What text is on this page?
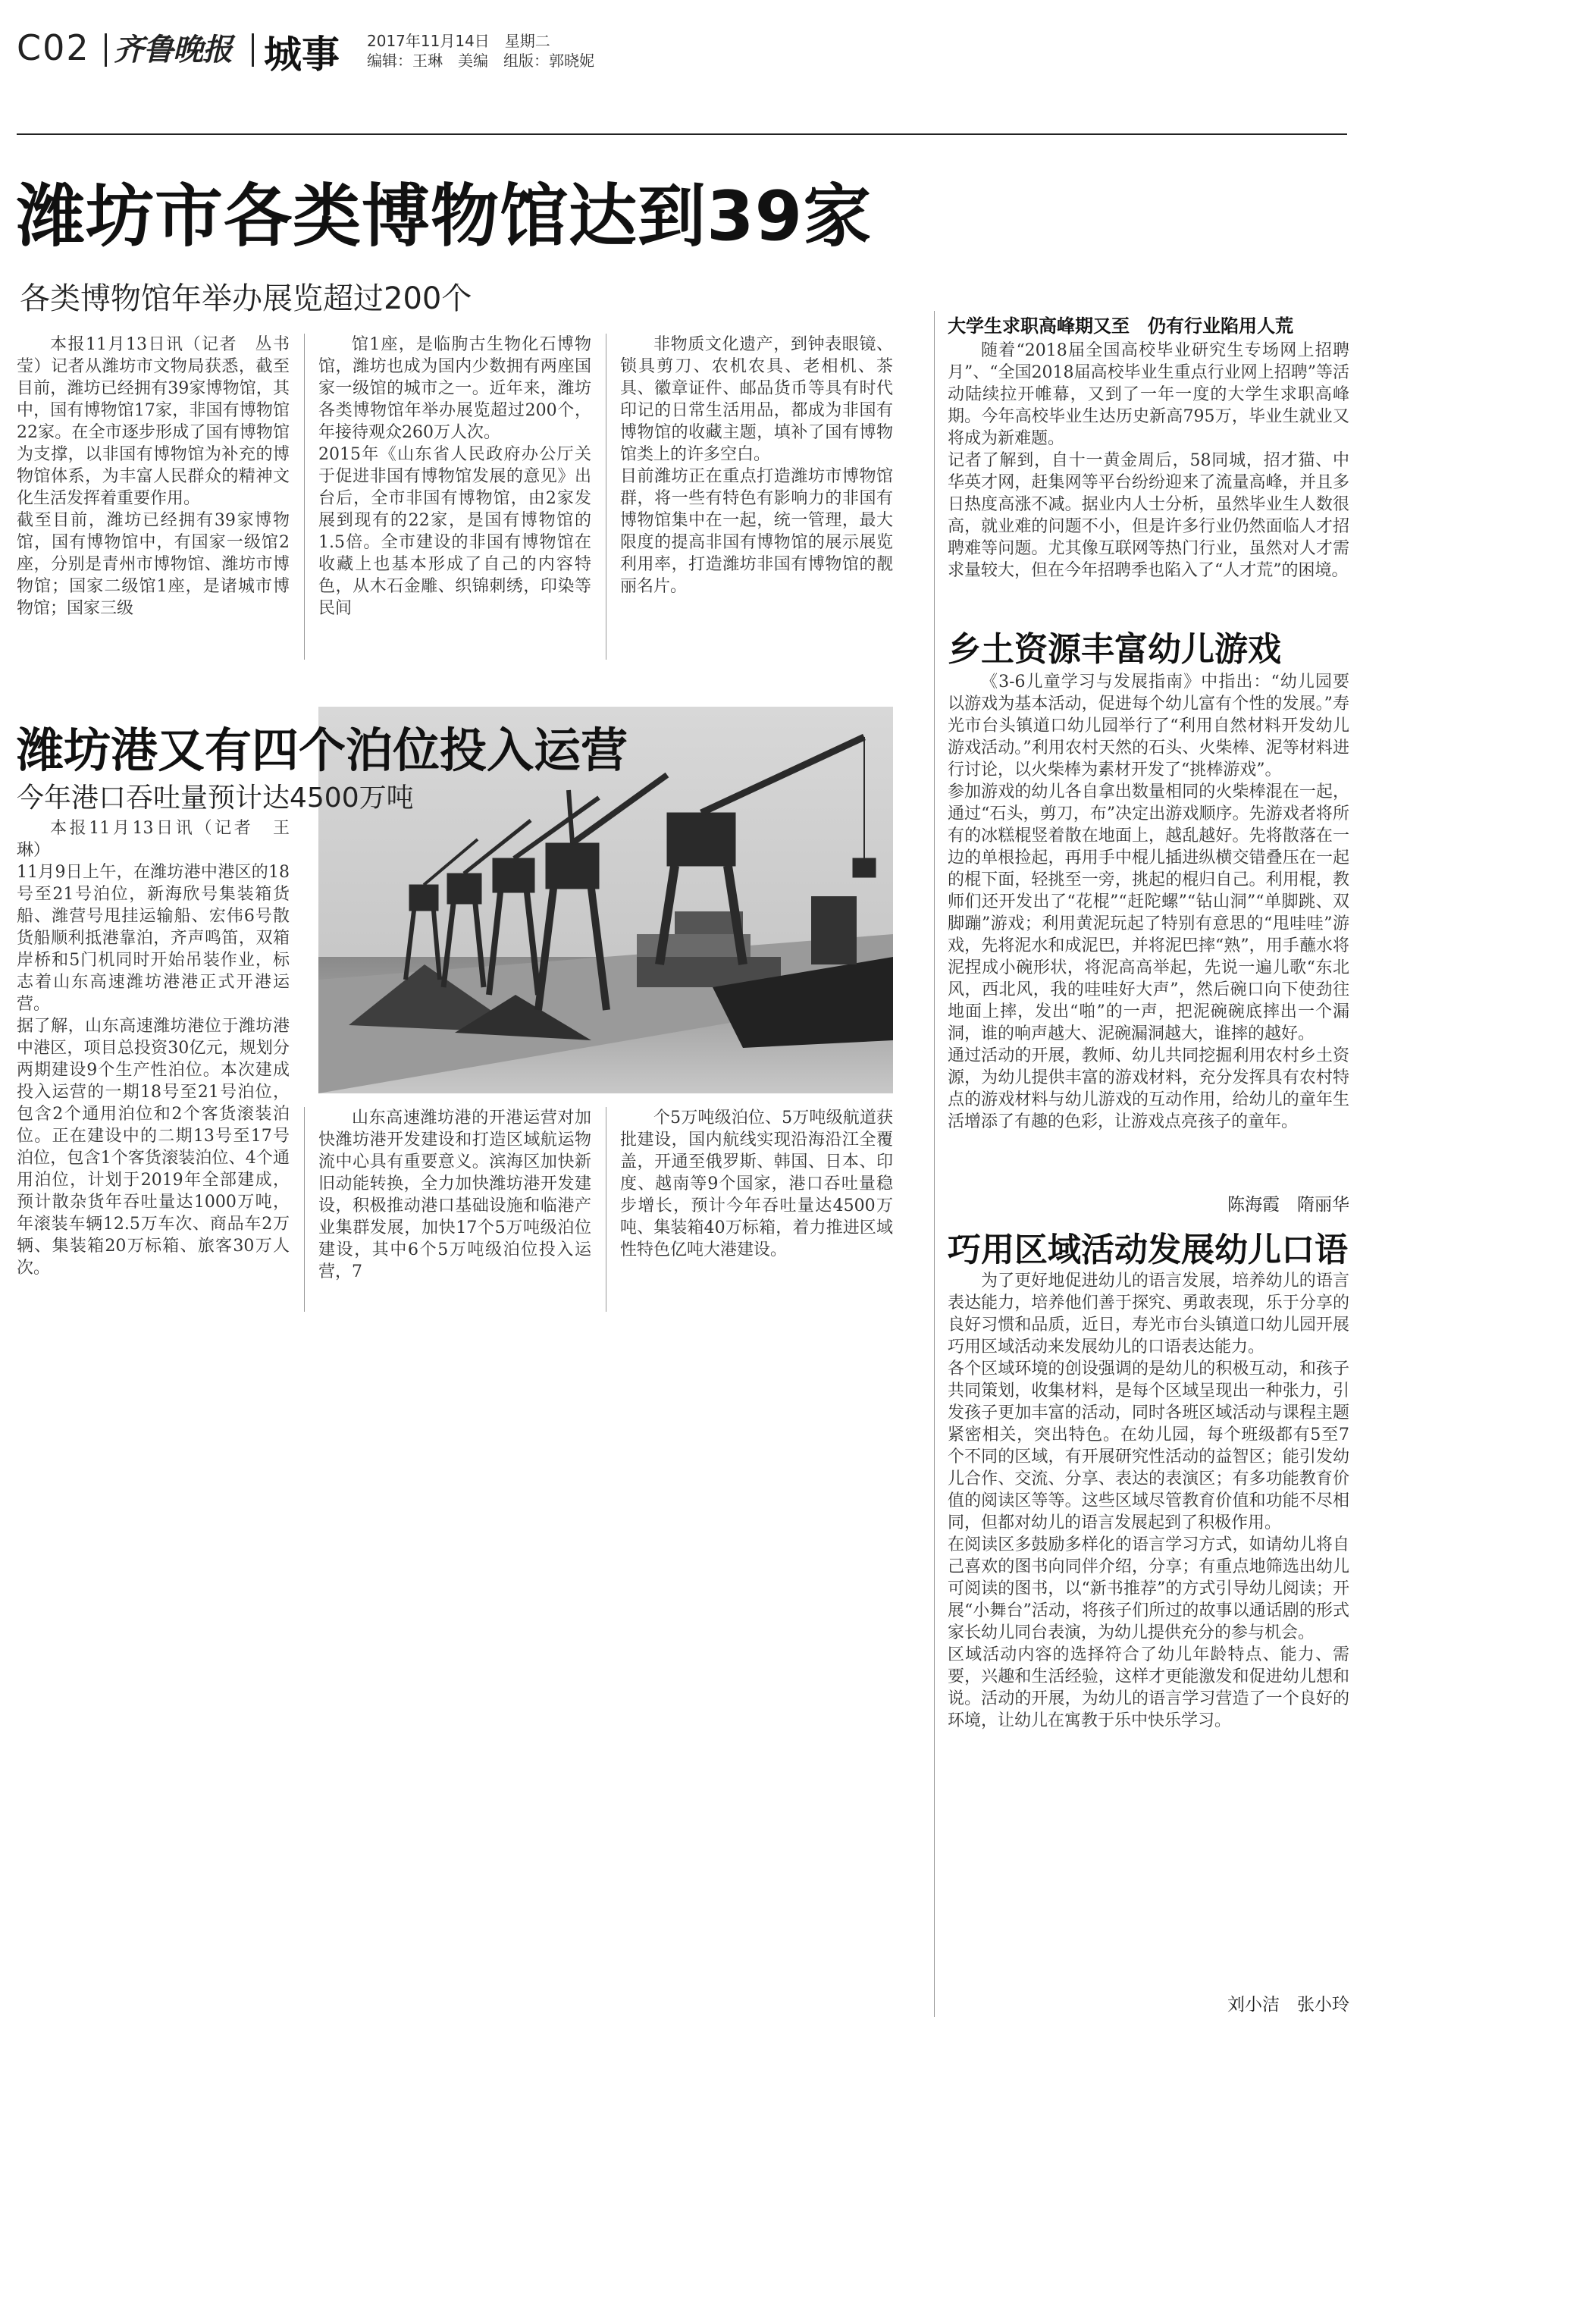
C02 齐鲁晚报 城事 2017年11月14日　星期二
编辑：王琳　美编　组版：郭晓妮
潍坊市各类博物馆达到39家
各类博物馆年举办展览超过200个

本报11月13日讯（记者　丛书莹）记者从潍坊市文物局获悉，截至目前，潍坊已经拥有39家博物馆，其中，国有博物馆17家，非国有博物馆22家。在全市逐步形成了国有博物馆为支撑，以非国有博物馆为补充的博物馆体系，为丰富人民群众的精神文化生活发挥着重要作用。
截至目前，潍坊已经拥有39家博物馆，国有博物馆中，有国家一级馆2座，分别是青州市博物馆、潍坊市博物馆；国家二级馆1座，是诸城市博物馆；国家三级

馆1座，是临朐古生物化石博物馆，潍坊也成为国内少数拥有两座国家一级馆的城市之一。近年来，潍坊各类博物馆年举办展览超过200个，年接待观众260万人次。
2015年《山东省人民政府办公厅关于促进非国有博物馆发展的意见》出台后，全市非国有博物馆，由2家发展到现有的22家，是国有博物馆的1.5倍。全市建设的非国有博物馆在收藏上也基本形成了自己的内容特色，从木石金雕、织锦刺绣，印染等民间

非物质文化遗产，到钟表眼镜、锁具剪刀、农机农具、老相机、茶具、徽章证件、邮品货币等具有时代印记的日常生活用品，都成为非国有博物馆的收藏主题，填补了国有博物馆类上的许多空白。
目前潍坊正在重点打造潍坊市博物馆群，将一些有特色有影响力的非国有博物馆集中在一起，统一管理，最大限度的提高非国有博物馆的展示展览利用率，打造潍坊非国有博物馆的靓丽名片。

潍坊港又有四个泊位投入运营
今年港口吞吐量预计达4500万吨

本报11月13日讯（记者　王琳）
11月9日上午，在潍坊港中港区的18号至21号泊位，新海欣号集装箱货船、潍营号甩挂运输船、宏伟6号散货船顺利抵港靠泊，齐声鸣笛，双箱岸桥和5门机同时开始吊装作业，标志着山东高速潍坊港港正式开港运营。
据了解，山东高速潍坊港位于潍坊港中港区，项目总投资30亿元，规划分两期建设9个生产性泊位。本次建成投入运营的一期18号至21号泊位，包含2个通用泊位和2个客货滚装泊位。正在建设中的二期13号至17号泊位，包含1个客货滚装泊位、4个通用泊位，计划于2019年全部建成，预计散杂货年吞吐量达1000万吨，年滚装车辆12.5万车次、商品车2万辆、集装箱20万标箱、旅客30万人次。

山东高速潍坊港的开港运营对加快潍坊港开发建设和打造区域航运物流中心具有重要意义。滨海区加快新旧动能转换，全力加快潍坊港开发建设，积极推动港口基础设施和临港产业集群发展，加快17个5万吨级泊位建设，其中6个5万吨级泊位投入运营，7

个5万吨级泊位、5万吨级航道获批建设，国内航线实现沿海沿江全覆盖，开通至俄罗斯、韩国、日本、印度、越南等9个国家，港口吞吐量稳步增长，预计今年吞吐量达4500万吨、集装箱40万标箱，着力推进区域性特色亿吨大港建设。

大学生求职高峰期又至　仍有行业陷用人荒

随着“2018届全国高校毕业研究生专场网上招聘月”、“全国2018届高校毕业生重点行业网上招聘”等活动陆续拉开帷幕，又到了一年一度的大学生求职高峰期。今年高校毕业生达历史新高795万，毕业生就业又将成为新难题。
记者了解到，自十一黄金周后，58同城，招才猫、中华英才网，赶集网等平台纷纷迎来了流量高峰，并且多日热度高涨不减。据业内人士分析，虽然毕业生人数很高，就业难的问题不小，但是许多行业仍然面临人才招聘难等问题。尤其像互联网等热门行业，虽然对人才需求量较大，但在今年招聘季也陷入了“人才荒”的困境。

乡土资源丰富幼儿游戏

《3-6儿童学习与发展指南》中指出：“幼儿园要以游戏为基本活动，促进每个幼儿富有个性的发展。”寿光市台头镇道口幼儿园举行了“利用自然材料开发幼儿游戏活动。”利用农村天然的石头、火柴棒、泥等材料进行讨论，以火柴棒为素材开发了“挑棒游戏”。
参加游戏的幼儿各自拿出数量相同的火柴棒混在一起，通过“石头，剪刀，布”决定出游戏顺序。先游戏者将所有的冰糕棍竖着散在地面上，越乱越好。先将散落在一边的单根捡起，再用手中棍儿插进纵横交错叠压在一起的棍下面，轻挑至一旁，挑起的棍归自己。利用棍，教师们还开发出了“花棍”“赶陀螺”“钻山洞”“单脚跳、双脚蹦”游戏；利用黄泥玩起了特别有意思的“甩哇哇”游戏，先将泥水和成泥巴，并将泥巴摔“熟”，用手蘸水将泥捏成小碗形状，将泥高高举起，先说一遍儿歌“东北风，西北风，我的哇哇好大声”，然后碗口向下使劲往地面上摔，发出“啪”的一声，把泥碗碗底摔出一个漏洞，谁的响声越大、泥碗漏洞越大，谁摔的越好。
通过活动的开展，教师、幼儿共同挖掘利用农村乡土资源，为幼儿提供丰富的游戏材料，充分发挥具有农村特点的游戏材料与幼儿游戏的互动作用，给幼儿的童年生活增添了有趣的色彩，让游戏点亮孩子的童年。

陈海霞　隋丽华
巧用区域活动发展幼儿口语

为了更好地促进幼儿的语言发展，培养幼儿的语言表达能力，培养他们善于探究、勇敢表现，乐于分享的良好习惯和品质，近日，寿光市台头镇道口幼儿园开展巧用区域活动来发展幼儿的口语表达能力。
各个区域环境的创设强调的是幼儿的积极互动，和孩子共同策划，收集材料，是每个区域呈现出一种张力，引发孩子更加丰富的活动，同时各班区域活动与课程主题紧密相关，突出特色。在幼儿园，每个班级都有5至7个不同的区域，有开展研究性活动的益智区；能引发幼儿合作、交流、分享、表达的表演区；有多功能教育价值的阅读区等等。这些区域尽管教育价值和功能不尽相同，但都对幼儿的语言发展起到了积极作用。
在阅读区多鼓励多样化的语言学习方式，如请幼儿将自己喜欢的图书向同伴介绍，分享；有重点地筛选出幼儿可阅读的图书，以“新书推荐”的方式引导幼儿阅读；开展“小舞台”活动，将孩子们所过的故事以通话剧的形式家长幼儿同台表演，为幼儿提供充分的参与机会。
区域活动内容的选择符合了幼儿年龄特点、能力、需要，兴趣和生活经验，这样才更能激发和促进幼儿想和说。活动的开展，为幼儿的语言学习营造了一个良好的环境，让幼儿在寓教于乐中快乐学习。

刘小洁　张小玲
